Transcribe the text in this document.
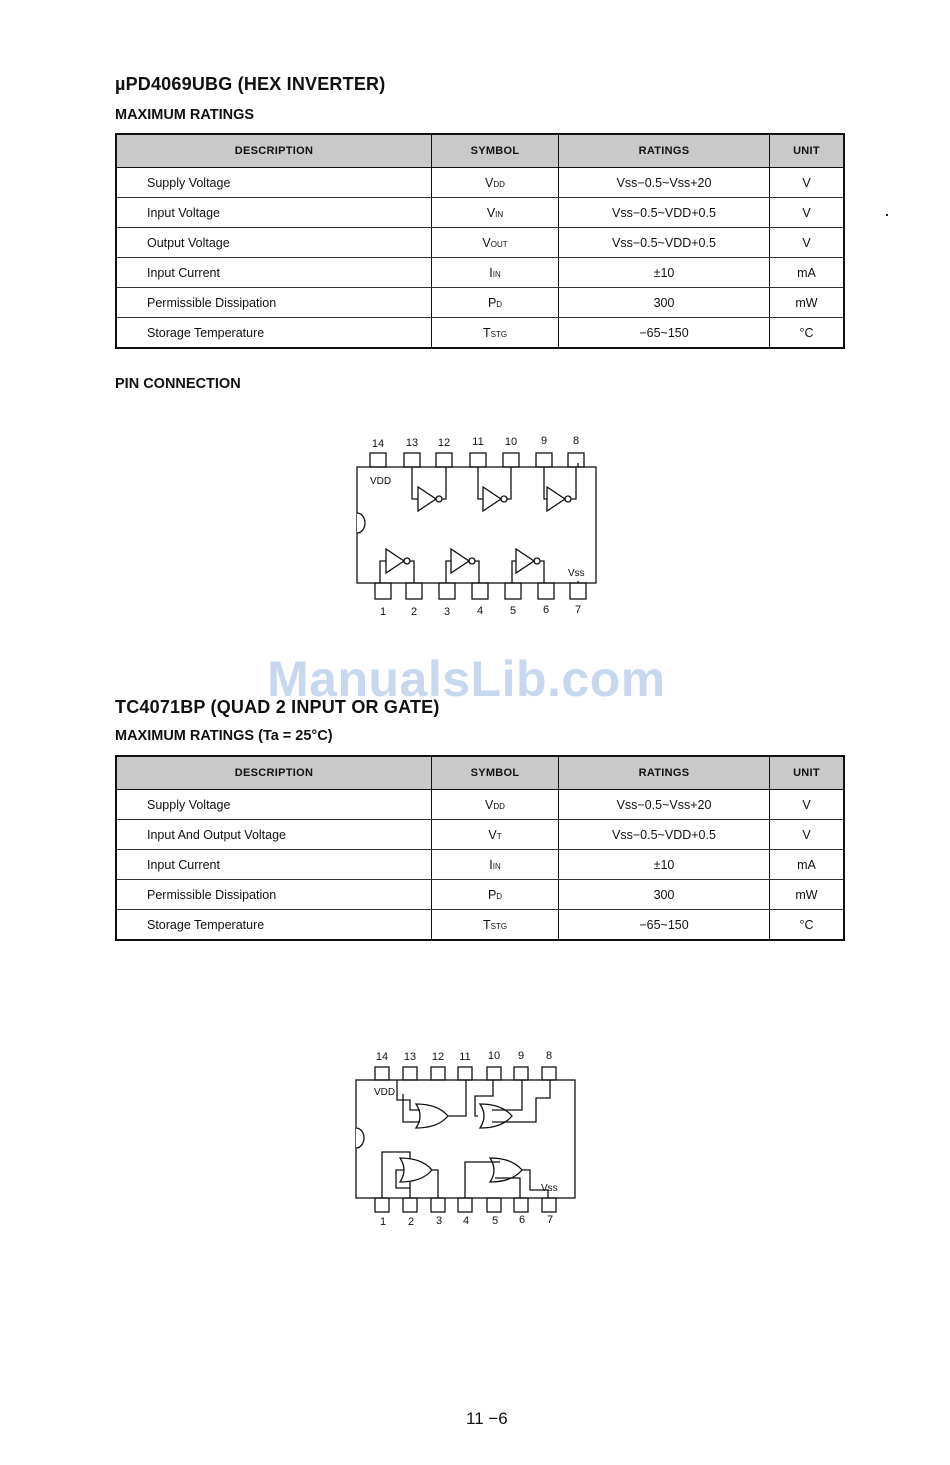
µPD4069UBG (HEX INVERTER)
MAXIMUM RATINGS
DESCRIPTION	SYMBOL	RATINGS	UNIT
Supply Voltage	VDD	Vss−0.5~Vss+20	V
Input Voltage	VIN	Vss−0.5~VDD+0.5	V
Output Voltage	VOUT	Vss−0.5~VDD+0.5	V
Input Current	IIN	±10	mA
Permissible Dissipation	PD	300	mW
Storage Temperature	TSTG	−65~150	°C
PIN CONNECTION
14 13 12 11 10 9 8
1 2 3 4 5 6 7
VDD
Vss
ManualsLib.com
TC4071BP (QUAD 2 INPUT OR GATE)
MAXIMUM RATINGS (Ta = 25°C)
DESCRIPTION	SYMBOL	RATINGS	UNIT
Supply Voltage	VDD	Vss−0.5~Vss+20	V
Input And Output Voltage	VT	Vss−0.5~VDD+0.5	V
Input Current	IIN	±10	mA
Permissible Dissipation	PD	300	mW
Storage Temperature	TSTG	−65~150	°C
14 13 12 11 10 9 8
1 2 3 4 5 6 7
VDD
Vss
11 −6
